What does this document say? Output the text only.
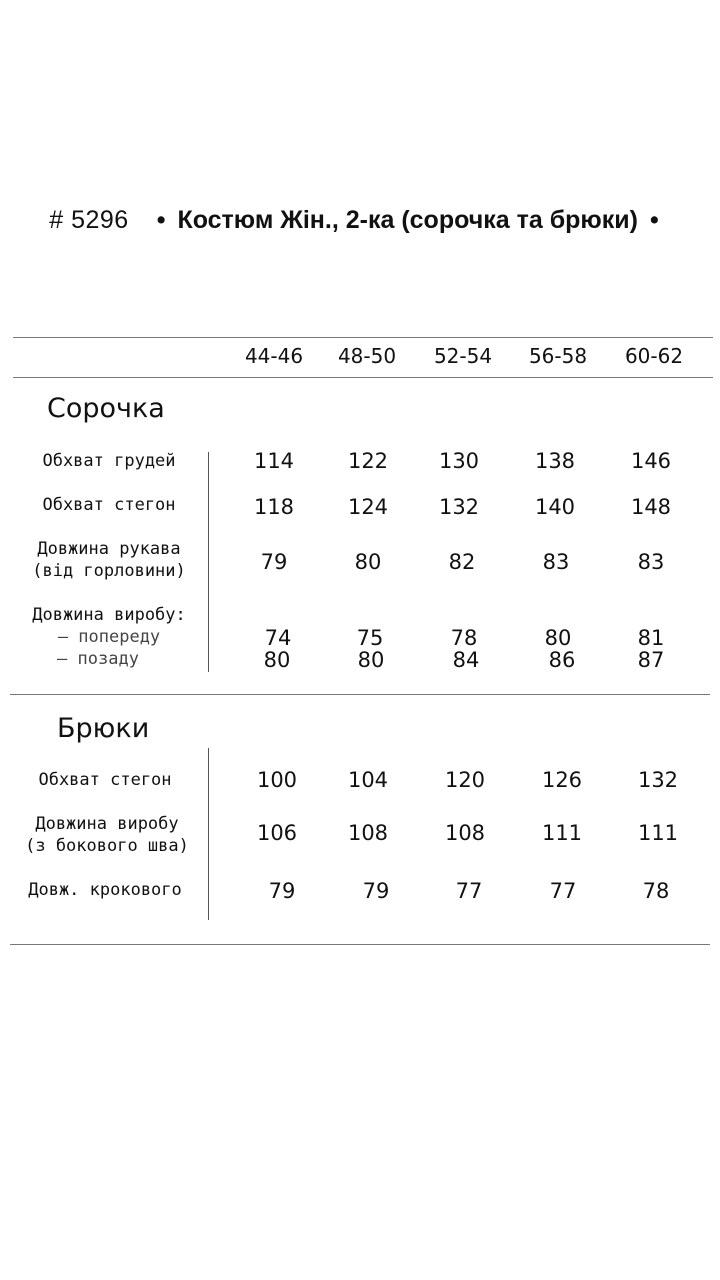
# 5296 • Костюм Жін., 2-ка (сорочка та брюки) •
44-46	48-50	52-54	56-58	60-62
Сорочка
Обхват грудей	114	122	130	138	146
Обхват стегон	118	124	132	140	148
Довжина рукава
(від горловини)	79	80	82	83	83
Довжина виробу:
– попереду
– позаду
74	75	78	80	81
80	80	84	86	87
Брюки
Обхват стегон	100	104	120	126	132
Довжина виробу
(з бокового шва)
106	108	108	111	111
Довж. крокового	79	79	77	77	78
